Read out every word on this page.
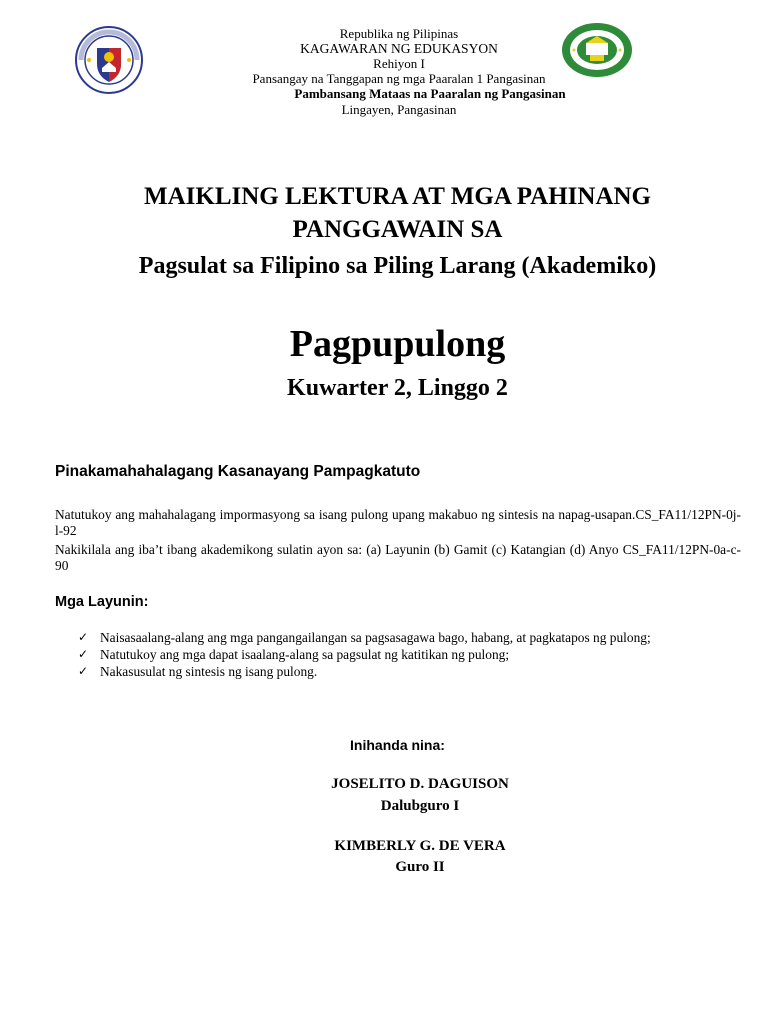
Republika ng Pilipinas
KAGAWARAN NG EDUKASYON
Rehiyon I
Pansangay na Tanggapan ng mga Paaralan 1 Pangasinan
Pambansang Mataas na Paaralan ng Pangasinan
Lingayen, Pangasinan
MAIKLING LEKTURA AT MGA PAHINANG
PANGGAWAIN SA
Pagsulat sa Filipino sa Piling Larang (Akademiko)
Pagpupulong
Kuwarter 2, Linggo 2
Pinakamahahalagang Kasanayang Pampagkatuto
Natutukoy ang mahahalagang impormasyong sa isang pulong upang makabuo ng sintesis na napag-usapan.CS_FA11/12PN-0j-l-92
Nakikilala ang iba’t ibang akademikong sulatin ayon sa: (a) Layunin (b) Gamit (c) Katangian (d) Anyo CS_FA11/12PN-0a-c-90
Mga Layunin:
✓ Naisasaalang-alang ang mga pangangailangan sa pagsasagawa bago, habang, at pagkatapos ng pulong;
✓ Natutukoy ang mga dapat isaalang-alang sa pagsulat ng katitikan ng pulong;
✓ Nakasusulat ng sintesis ng isang pulong.
Inihanda nina:
JOSELITO D. DAGUISON
Dalubguro I
KIMBERLY G. DE VERA
Guro II
